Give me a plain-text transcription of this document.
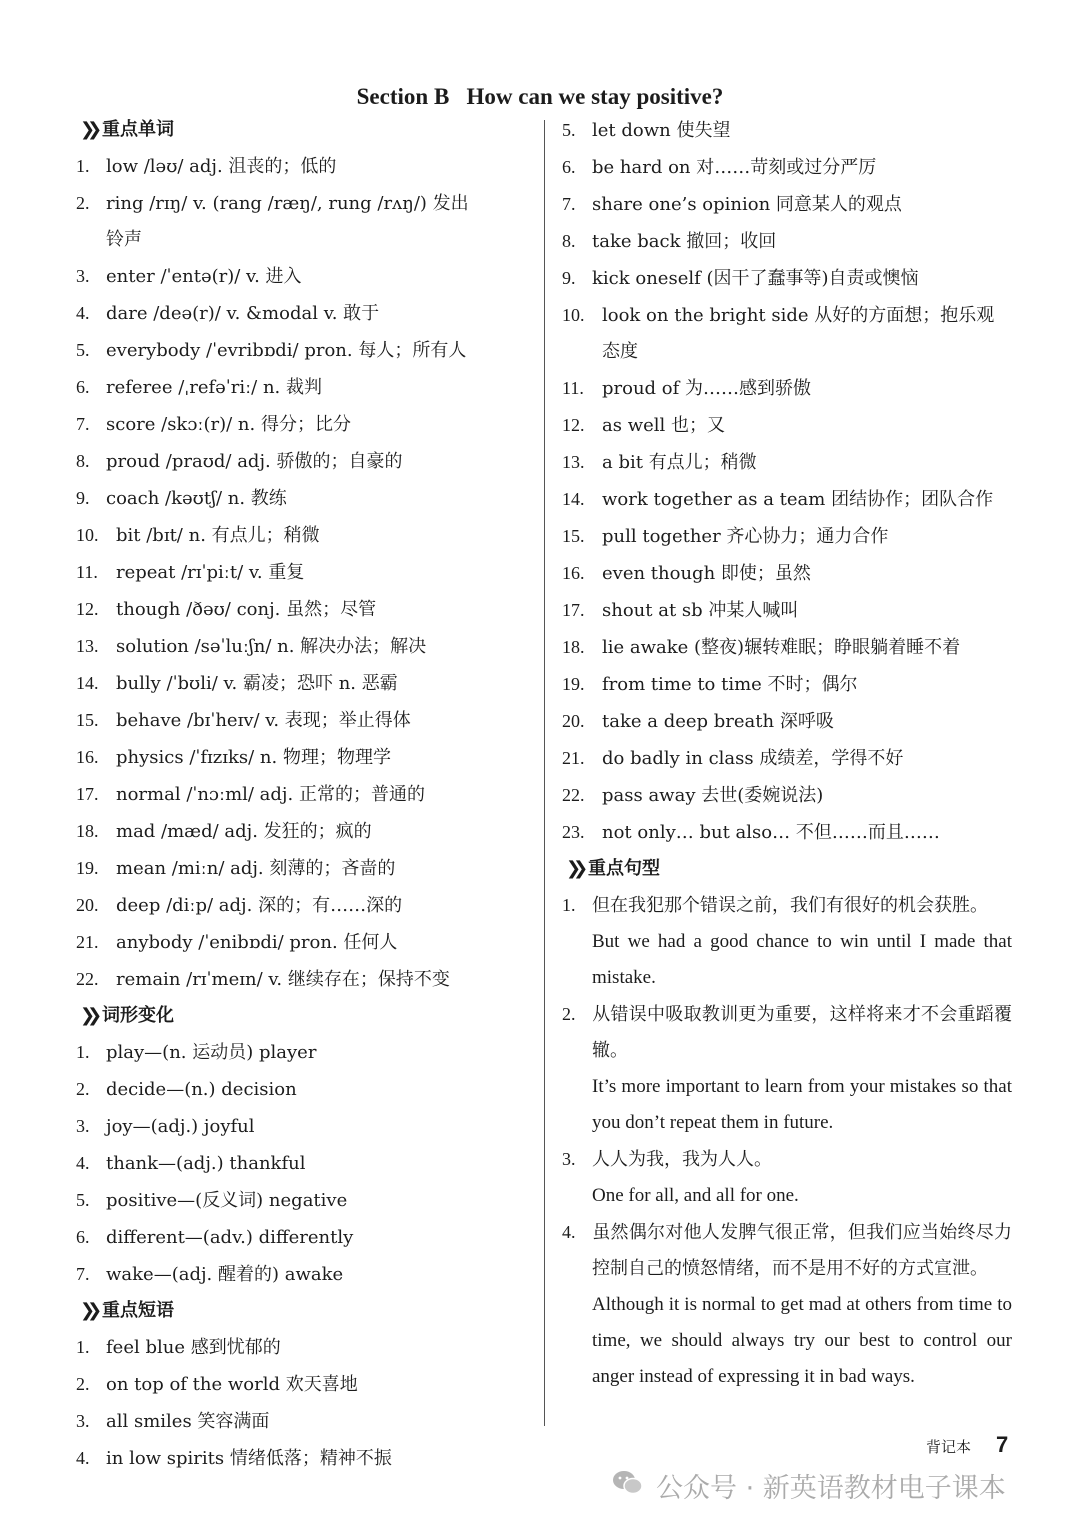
Section B   How can we stay positive?
❯❯ 重点单词
1. low /ləʊ/ adj. 沮丧的；低的
2. ring /rɪŋ/ v. (rang /ræŋ/, rung /rʌŋ/) 发出
铃声
3. enter /ˈentə(r)/ v. 进入
4. dare /deə(r)/ v. &modal v. 敢于
5. everybody /ˈevribɒdi/ pron. 每人；所有人
6. referee /ˌrefəˈriː/ n. 裁判
7. score /skɔː(r)/ n. 得分；比分
8. proud /praʊd/ adj. 骄傲的；自豪的
9. coach /kəʊtʃ/ n. 教练
10. bit /bɪt/ n. 有点儿；稍微
11. repeat /rɪˈpiːt/ v. 重复
12. though /ðəʊ/ conj. 虽然；尽管
13. solution /səˈluːʃn/ n. 解决办法；解决
14. bully /ˈbʊli/ v. 霸凌；恐吓 n. 恶霸
15. behave /bɪˈheɪv/ v. 表现；举止得体
16. physics /ˈfɪzɪks/ n. 物理；物理学
17. normal /ˈnɔːml/ adj. 正常的；普通的
18. mad /mæd/ adj. 发狂的；疯的
19. mean /miːn/ adj. 刻薄的；吝啬的
20. deep /diːp/ adj. 深的；有……深的
21. anybody /ˈenibɒdi/ pron. 任何人
22. remain /rɪˈmeɪn/ v. 继续存在；保持不变
❯❯ 词形变化
1. play—(n. 运动员) player
2. decide—(n.) decision
3. joy—(adj.) joyful
4. thank—(adj.) thankful
5. positive—(反义词) negative
6. different—(adv.) differently
7. wake—(adj. 醒着的) awake
❯❯ 重点短语
1. feel blue 感到忧郁的
2. on top of the world 欢天喜地
3. all smiles 笑容满面
4. in low spirits 情绪低落；精神不振
5. let down 使失望
6. be hard on 对……苛刻或过分严厉
7. share one’s opinion 同意某人的观点
8. take back 撤回；收回
9. kick oneself (因干了蠢事等)自责或懊恼
10. look on the bright side 从好的方面想；抱乐观
态度
11. proud of 为……感到骄傲
12. as well 也；又
13. a bit 有点儿；稍微
14. work together as a team 团结协作；团队合作
15. pull together 齐心协力；通力合作
16. even though 即使；虽然
17. shout at sb 冲某人喊叫
18. lie awake (整夜)辗转难眠；睁眼躺着睡不着
19. from time to time 不时；偶尔
20. take a deep breath 深呼吸
21. do badly in class 成绩差，学得不好
22. pass away 去世(委婉说法)
23. not only… but also… 不但……而且……
❯❯ 重点句型
1. 但在我犯那个错误之前，我们有很好的机会获胜。
But we had a good chance to win until I made that mistake.
2. 从错误中吸取教训更为重要，这样将来才不会重蹈覆辙。
It’s more important to learn from your mistakes so that you don’t repeat them in future.
3. 人人为我，我为人人。
One for all, and all for one.
4. 虽然偶尔对他人发脾气很正常，但我们应当始终尽力控制自己的愤怒情绪，而不是用不好的方式宣泄。
Although it is normal to get mad at others from time to time, we should always try our best to control our anger instead of expressing it in bad ways.
背记本 7
公众号 · 新英语教材电子课本
